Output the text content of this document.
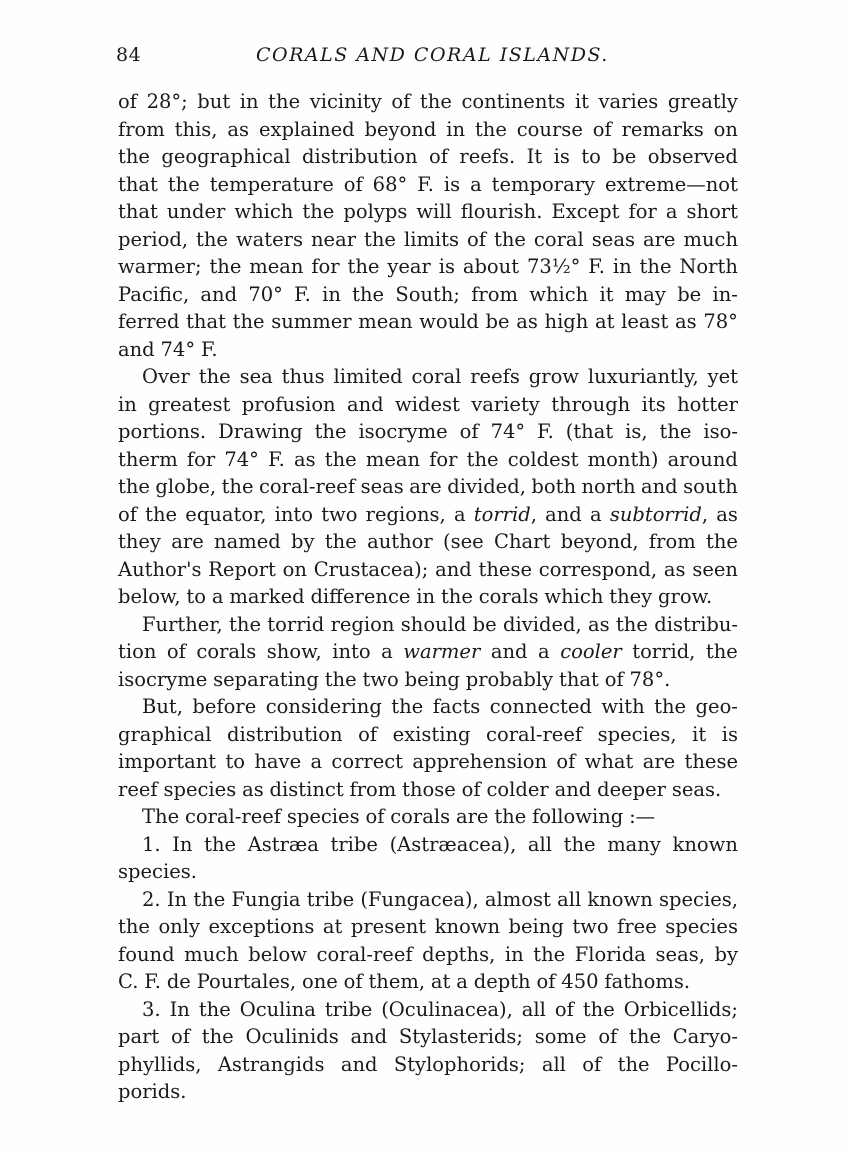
84	CORALS AND CORAL ISLANDS.
of 28°; but in the vicinity of the continents it varies greatly
from this, as explained beyond in the course of remarks on
the geographical distribution of reefs. It is to be observed
that the temperature of 68° F. is a temporary extreme—not
that under which the polyps will flourish. Except for a short
period, the waters near the limits of the coral seas are much
warmer; the mean for the year is about 73½° F. in the North
Pacific, and 70° F. in the South; from which it may be in-
ferred that the summer mean would be as high at least as 78°
and 74° F.
Over the sea thus limited coral reefs grow luxuriantly, yet
in greatest profusion and widest variety through its hotter
portions. Drawing the isocryme of 74° F. (that is, the iso-
therm for 74° F. as the mean for the coldest month) around
the globe, the coral-reef seas are divided, both north and south
of the equator, into two regions, a torrid, and a subtorrid, as
they are named by the author (see Chart beyond, from the
Author's Report on Crustacea); and these correspond, as seen
below, to a marked difference in the corals which they grow.
Further, the torrid region should be divided, as the distribu-
tion of corals show, into a warmer and a cooler torrid, the
isocryme separating the two being probably that of 78°.
But, before considering the facts connected with the geo-
graphical distribution of existing coral-reef species, it is
important to have a correct apprehension of what are these
reef species as distinct from those of colder and deeper seas.
The coral-reef species of corals are the following :—
1. In the Astræa tribe (Astræacea), all the many known
species.
2. In the Fungia tribe (Fungacea), almost all known species,
the only exceptions at present known being two free species
found much below coral-reef depths, in the Florida seas, by
C. F. de Pourtales, one of them, at a depth of 450 fathoms.
3. In the Oculina tribe (Oculinacea), all of the Orbicellids;
part of the Oculinids and Stylasterids; some of the Caryo-
phyllids, Astrangids and Stylophorids; all of the Pocillo-
porids.
